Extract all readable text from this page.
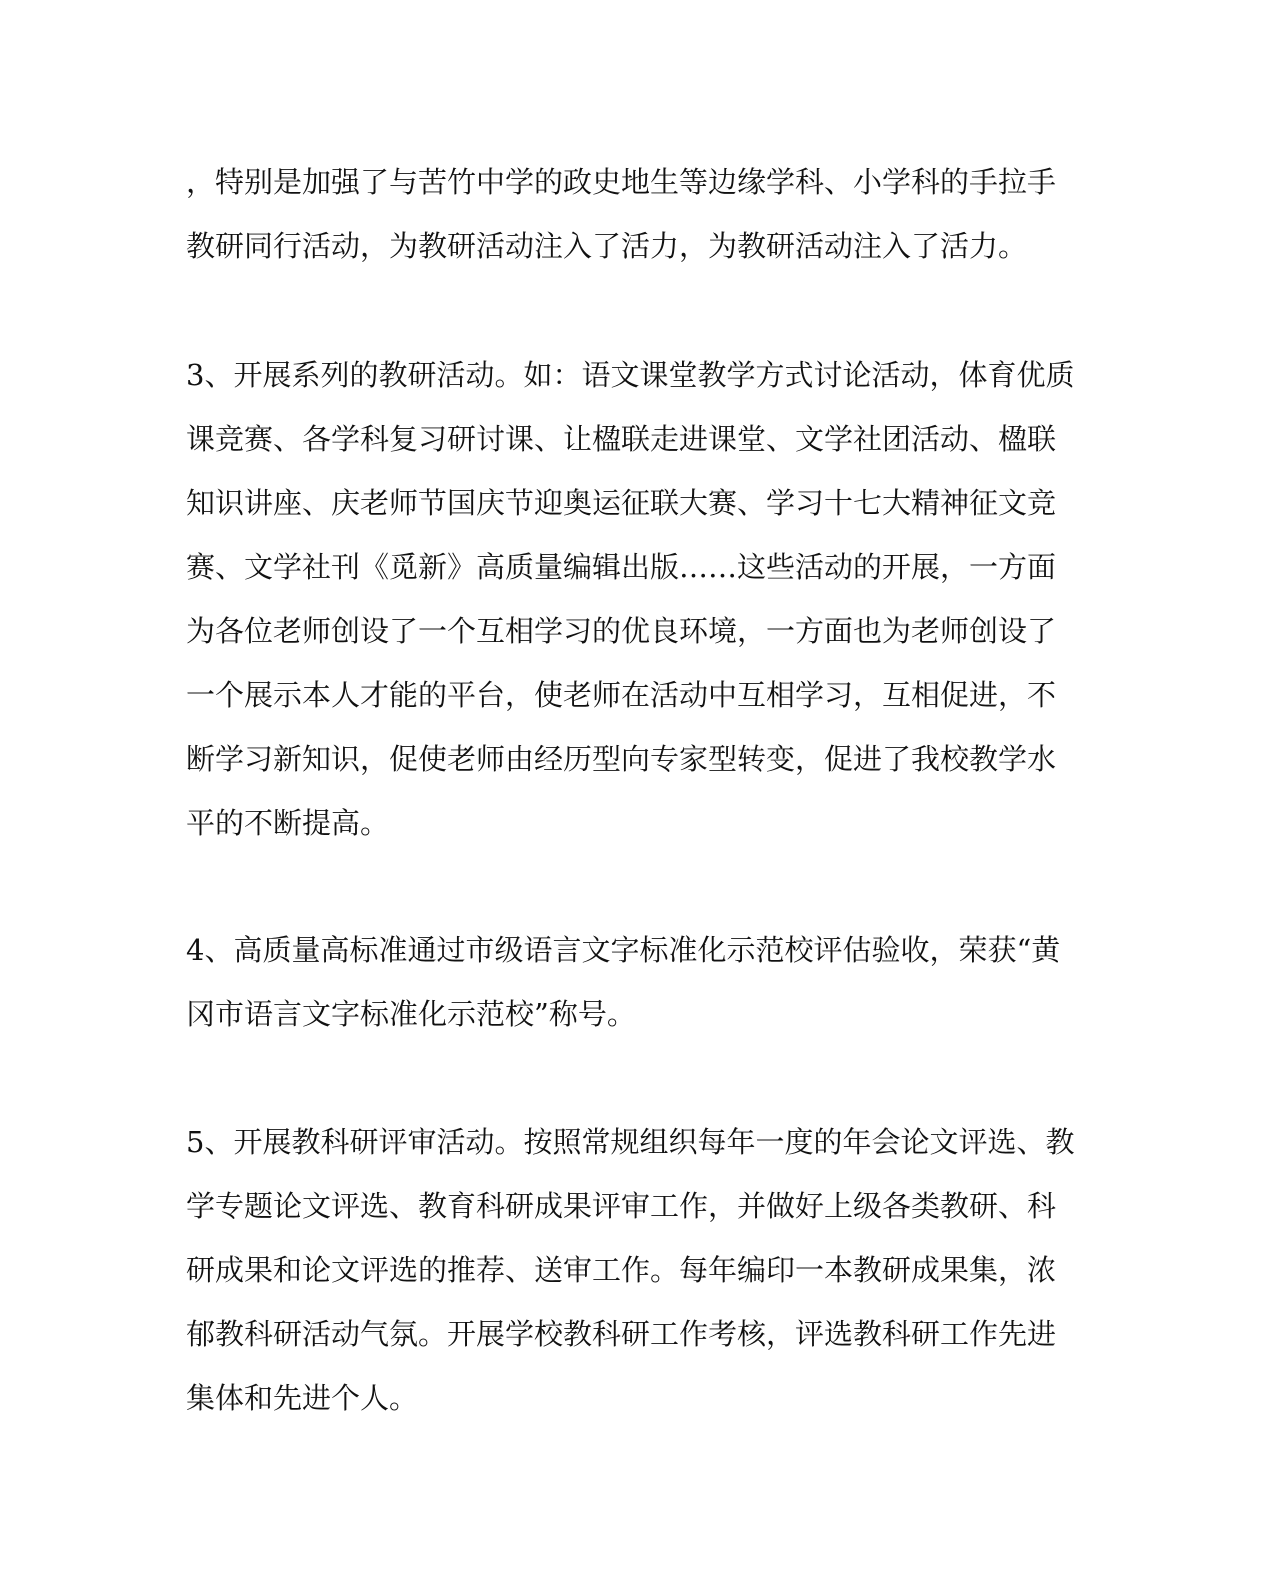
，特别是加强了与苦竹中学的政史地生等边缘学科、小学科的手拉手
教研同行活动，为教研活动注入了活力，为教研活动注入了活力。
3、开展系列的教研活动。如：语文课堂教学方式讨论活动，体育优质
课竞赛、各学科复习研讨课、让楹联走进课堂、文学社团活动、楹联
知识讲座、庆老师节国庆节迎奥运征联大赛、学习十七大精神征文竞
赛、文学社刊《觅新》高质量编辑出版……这些活动的开展，一方面
为各位老师创设了一个互相学习的优良环境，一方面也为老师创设了
一个展示本人才能的平台，使老师在活动中互相学习，互相促进，不
断学习新知识，促使老师由经历型向专家型转变，促进了我校教学水
平的不断提高。
4、高质量高标准通过市级语言文字标准化示范校评估验收，荣获“黄
冈市语言文字标准化示范校”称号。
5、开展教科研评审活动。按照常规组织每年一度的年会论文评选、教
学专题论文评选、教育科研成果评审工作，并做好上级各类教研、科
研成果和论文评选的推荐、送审工作。每年编印一本教研成果集，浓
郁教科研活动气氛。开展学校教科研工作考核，评选教科研工作先进
集体和先进个人。
